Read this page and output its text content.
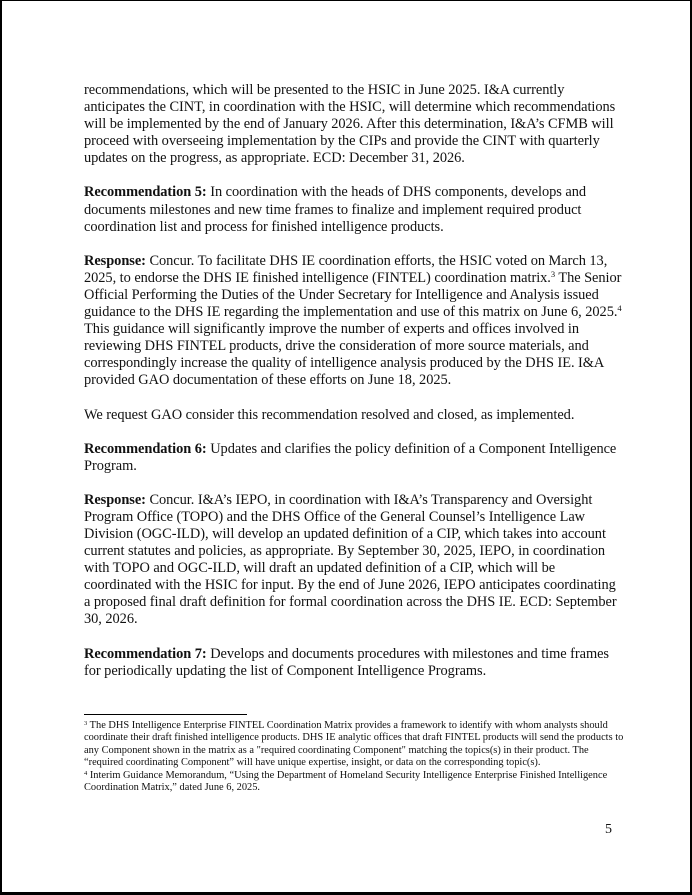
recommendations, which will be presented to the HSIC in June 2025. I&A currently anticipates the CINT, in coordination with the HSIC, will determine which recommendations will be implemented by the end of January 2026. After this determination, I&A’s CFMB will proceed with overseeing implementation by the CIPs and provide the CINT with quarterly updates on the progress, as appropriate. ECD: December 31, 2026.

Recommendation 5: In coordination with the heads of DHS components, develops and documents milestones and new time frames to finalize and implement required product coordination list and process for finished intelligence products.

Response: Concur. To facilitate DHS IE coordination efforts, the HSIC voted on March 13, 2025, to endorse the DHS IE finished intelligence (FINTEL) coordination matrix.$^3$ The Senior Official Performing the Duties of the Under Secretary for Intelligence and Analysis issued guidance to the DHS IE regarding the implementation and use of this matrix on June 6, 2025.$^4$ This guidance will significantly improve the number of experts and offices involved in reviewing DHS FINTEL products, drive the consideration of more source materials, and correspondingly increase the quality of intelligence analysis produced by the DHS IE. I&A provided GAO documentation of these efforts on June 18, 2025.

We request GAO consider this recommendation resolved and closed, as implemented.

Recommendation 6: Updates and clarifies the policy definition of a Component Intelligence Program.

Response: Concur. I&A’s IEPO, in coordination with I&A’s Transparency and Oversight Program Office (TOPO) and the DHS Office of the General Counsel’s Intelligence Law Division (OGC-ILD), will develop an updated definition of a CIP, which takes into account current statutes and policies, as appropriate. By September 30, 2025, IEPO, in coordination with TOPO and OGC-ILD, will draft an updated definition of a CIP, which will be coordinated with the HSIC for input. By the end of June 2026, IEPO anticipates coordinating a proposed final draft definition for formal coordination across the DHS IE. ECD: September 30, 2026.

Recommendation 7: Develops and documents procedures with milestones and time frames for periodically updating the list of Component Intelligence Programs.

$^3$ The DHS Intelligence Enterprise FINTEL Coordination Matrix provides a framework to identify with whom analysts should coordinate their draft finished intelligence products. DHS IE analytic offices that draft FINTEL products will send the products to any Component shown in the matrix as a "required coordinating Component" matching the topics(s) in their product. The “required coordinating Component” will have unique expertise, insight, or data on the corresponding topic(s).

$^4$ Interim Guidance Memorandum, “Using the Department of Homeland Security Intelligence Enterprise Finished Intelligence Coordination Matrix,” dated June 6, 2025.

5
